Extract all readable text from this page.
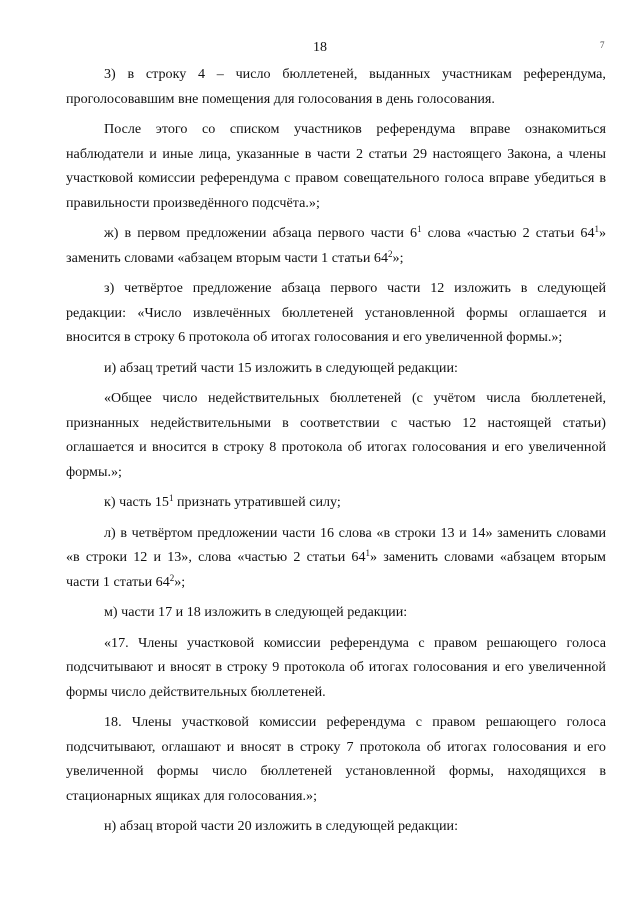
18	7

3) в строку 4 – число бюллетеней, выданных участникам референдума, проголосовавшим вне помещения для голосования в день голосования.

После этого со списком участников референдума вправе ознакомиться наблюдатели и иные лица, указанные в части 2 статьи 29 настоящего Закона, а члены участковой комиссии референдума с правом совещательного голоса вправе убедиться в правильности произведённого подсчёта.»;

ж) в первом предложении абзаца первого части $6^1$ слова «частью 2 статьи $64^1$» заменить словами «абзацем вторым части 1 статьи $64^2$»;

з) четвёртое предложение абзаца первого части 12 изложить в следующей редакции: «Число извлечённых бюллетеней установленной формы оглашается и вносится в строку 6 протокола об итогах голосования и его увеличенной формы.»;

и) абзац третий части 15 изложить в следующей редакции:

«Общее число недействительных бюллетеней (с учётом числа бюллетеней, признанных недействительными в соответствии с частью 12 настоящей статьи) оглашается и вносится в строку 8 протокола об итогах голосования и его увеличенной формы.»;

к) часть $15^1$ признать утратившей силу;

л) в четвёртом предложении части 16 слова «в строки 13 и 14» заменить словами «в строки 12 и 13», слова «частью 2 статьи $64^1$» заменить словами «абзацем вторым части 1 статьи $64^2$»;

м) части 17 и 18 изложить в следующей редакции:

«17. Члены участковой комиссии референдума с правом решающего голоса подсчитывают и вносят в строку 9 протокола об итогах голосования и его увеличенной формы число действительных бюллетеней.

18. Члены участковой комиссии референдума с правом решающего голоса подсчитывают, оглашают и вносят в строку 7 протокола об итогах голосования и его увеличенной формы число бюллетеней установленной формы, находящихся в стационарных ящиках для голосования.»;

н) абзац второй части 20 изложить в следующей редакции:
